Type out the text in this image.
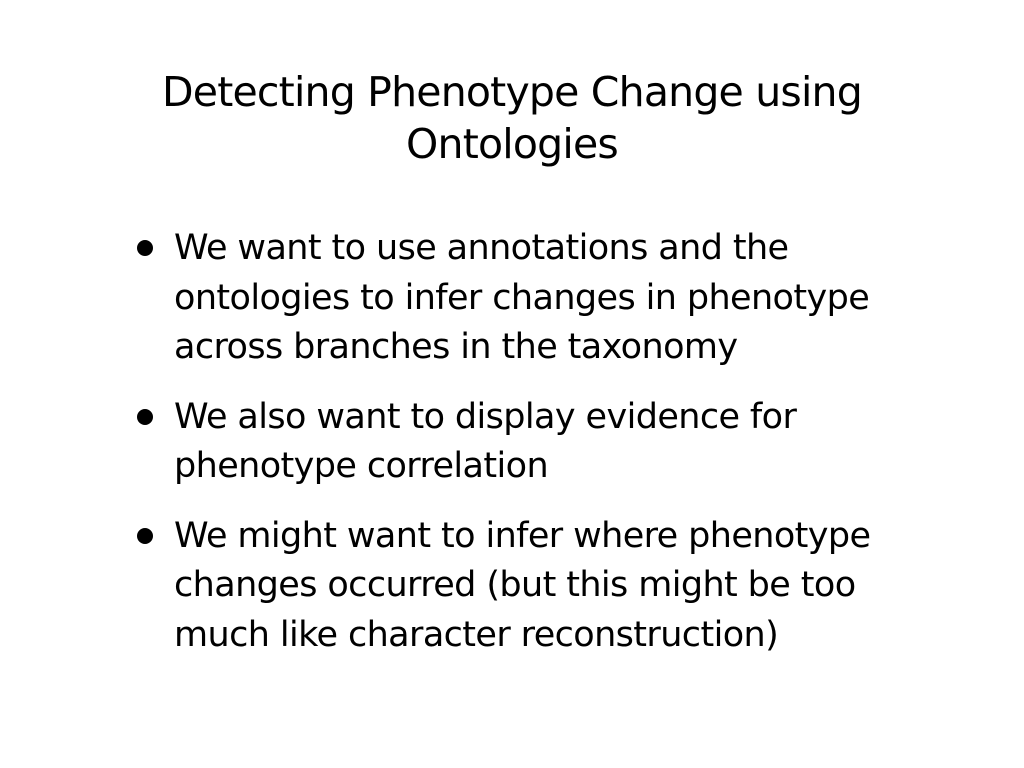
Detecting Phenotype Change using Ontologies
We want to use annotations and the ontologies to infer changes in phenotype across branches in the taxonomy
We also want to display evidence for phenotype correlation
We might want to infer where phenotype changes occurred (but this might be too much like character reconstruction)
